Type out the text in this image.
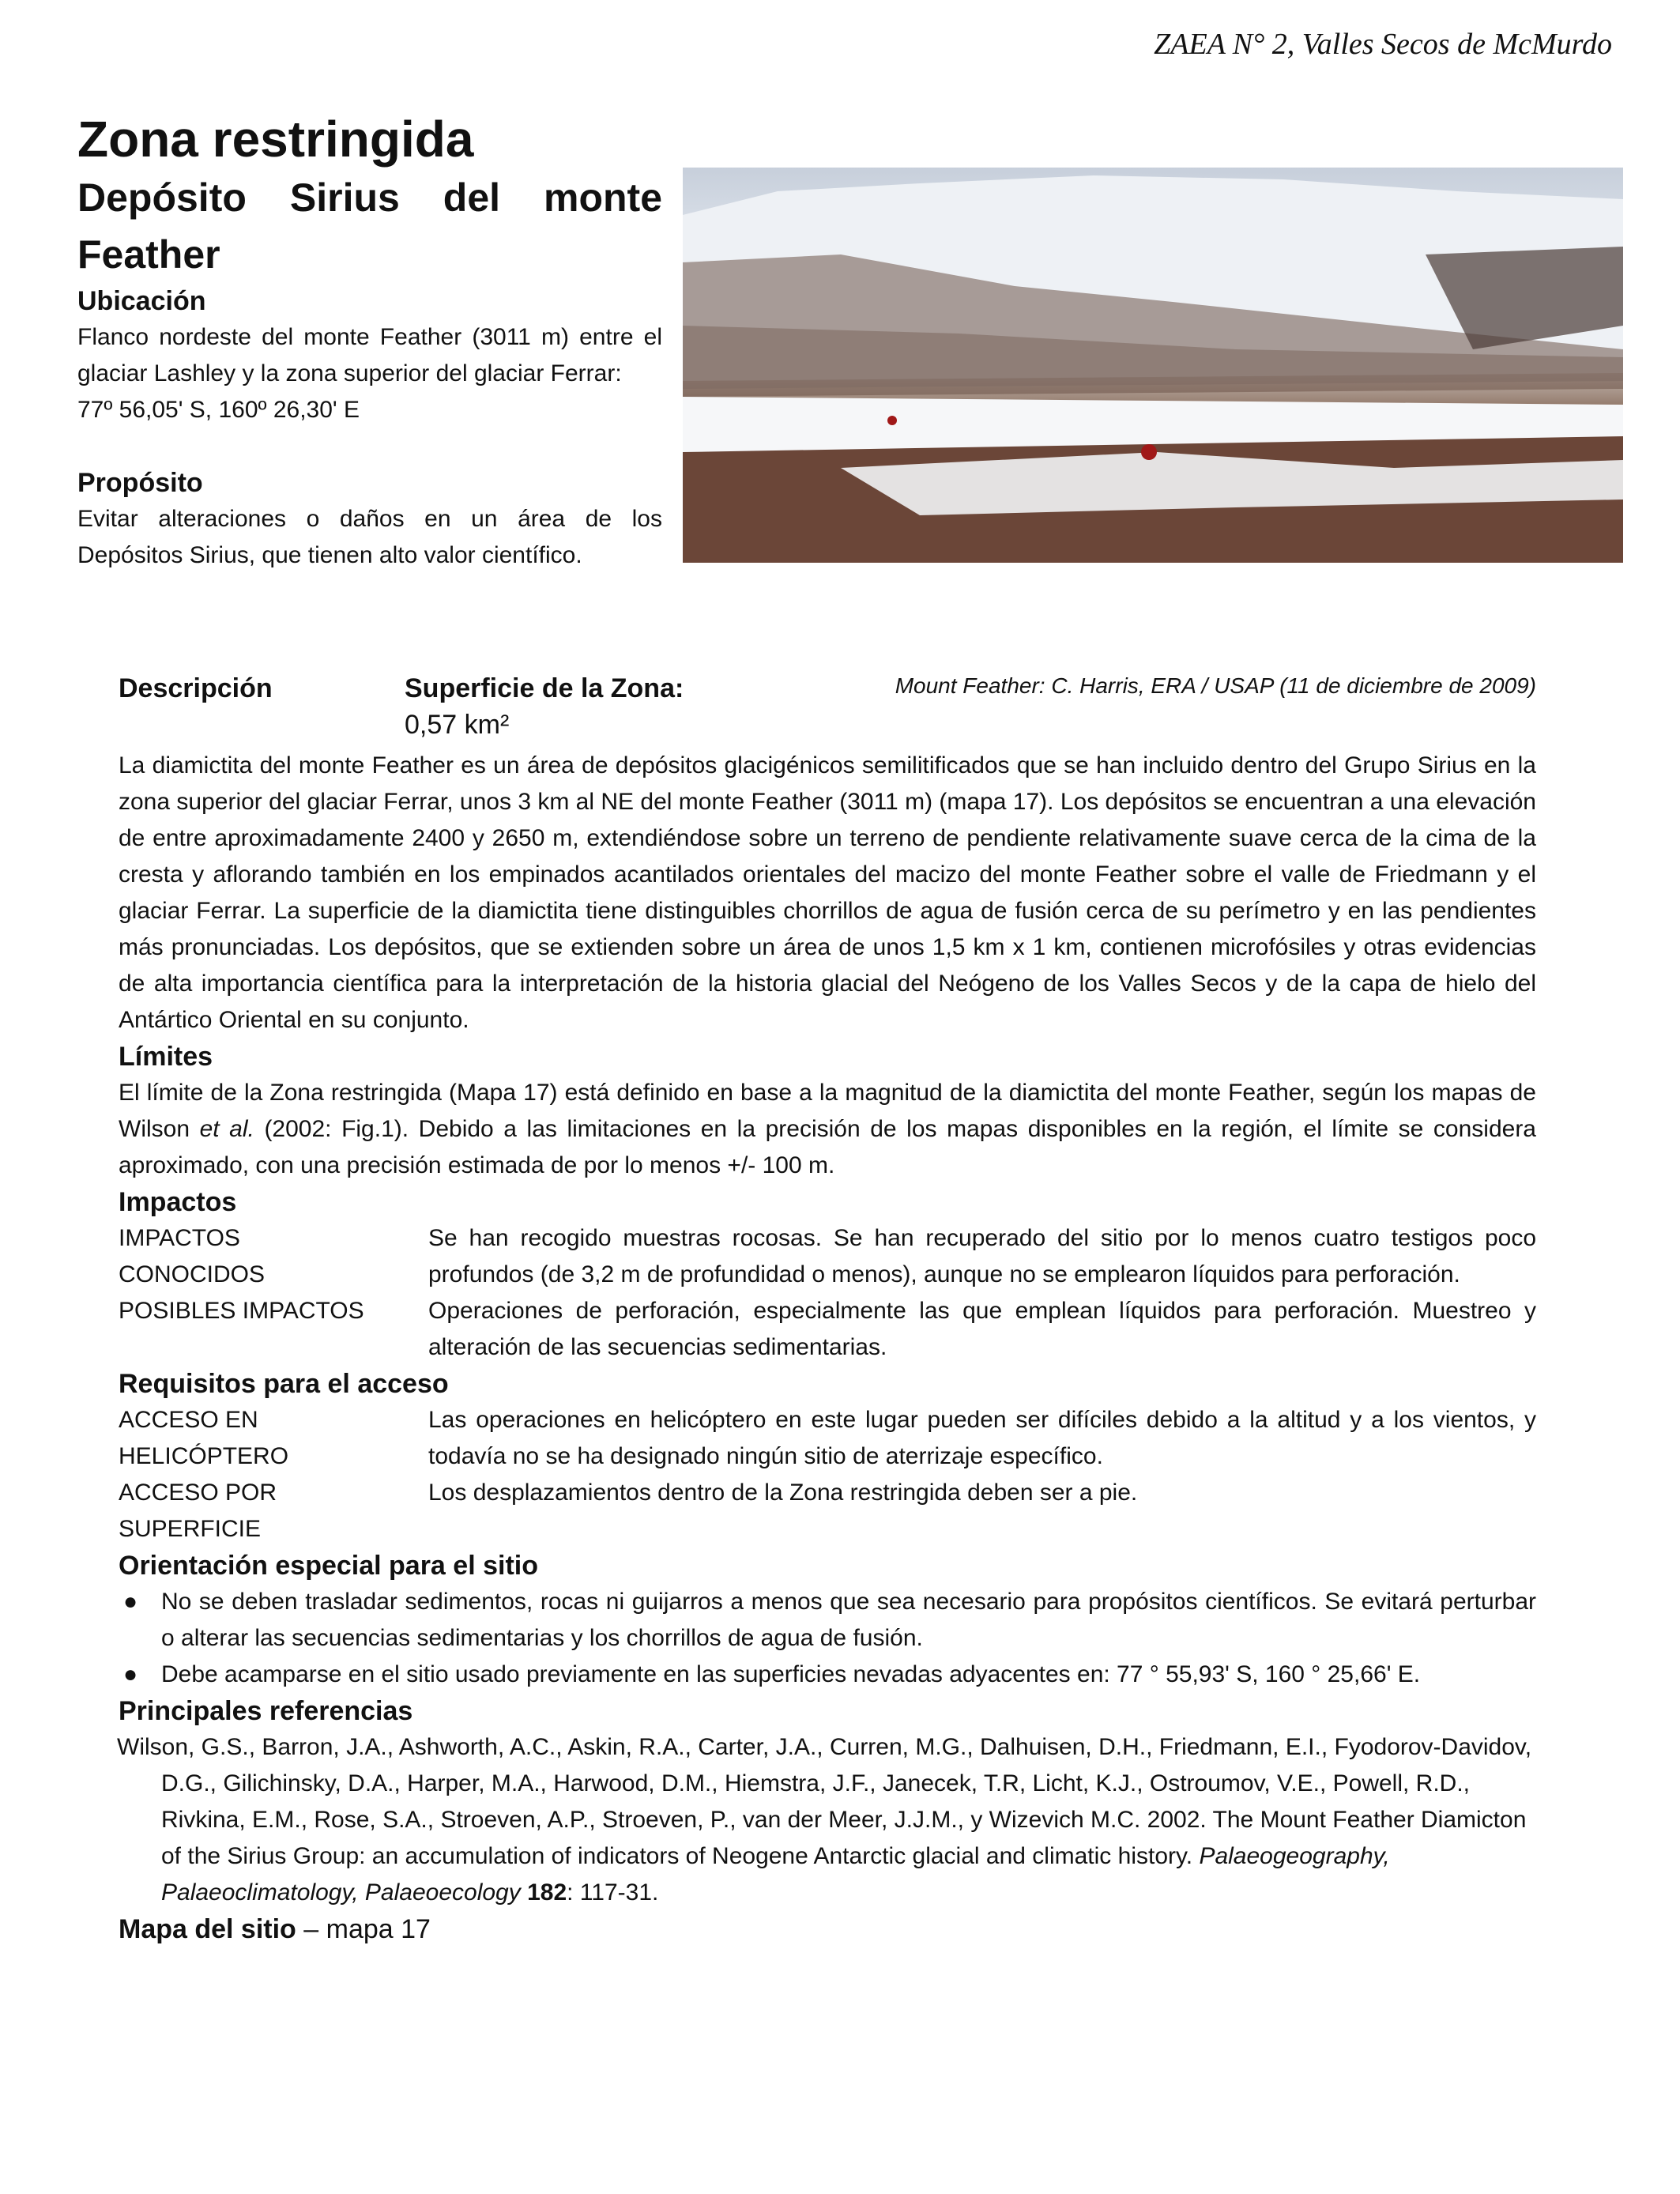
ZAEA N° 2, Valles Secos de McMurdo
Zona restringida
Depósito Sirius del monte Feather
Ubicación

Flanco nordeste del monte Feather (3011 m) entre el glaciar Lashley y la zona superior del glaciar Ferrar:

77º 56,05' S, 160º 26,30' E

Propósito

Evitar alteraciones o daños en un área de los Depósitos Sirius, que tienen alto valor científico.

Mount Feather: C. Harris, ERA / USAP (11 de diciembre de 2009)
Descripción	Superficie de la Zona:
0,57 km²

La diamictita del monte Feather es un área de depósitos glacigénicos semilitificados que se han incluido dentro del Grupo Sirius en la zona superior del glaciar Ferrar, unos 3 km al NE del monte Feather (3011 m) (mapa 17). Los depósitos se encuentran a una elevación de entre aproximadamente 2400 y 2650 m, extendiéndose sobre un terreno de pendiente relativamente suave cerca de la cima de la cresta y aflorando también en los empinados acantilados orientales del macizo del monte Feather sobre el valle de Friedmann y el glaciar Ferrar. La superficie de la diamictita tiene distinguibles chorrillos de agua de fusión cerca de su perímetro y en las pendientes más pronunciadas. Los depósitos, que se extienden sobre un área de unos 1,5 km x 1 km, contienen microfósiles y otras evidencias de alta importancia científica para la interpretación de la historia glacial del Neógeno de los Valles Secos y de la capa de hielo del Antártico Oriental en su conjunto.

Límites

El límite de la Zona restringida (Mapa 17) está definido en base a la magnitud de la diamictita del monte Feather, según los mapas de Wilson et al. (2002: Fig.1). Debido a las limitaciones en la precisión de los mapas disponibles en la región, el límite se considera aproximado, con una precisión estimada de por lo menos +/- 100 m.

Impactos
IMPACTOS CONOCIDOS
Se han recogido muestras rocosas. Se han recuperado del sitio por lo menos cuatro testigos poco profundos (de 3,2 m de profundidad o menos), aunque no se emplearon líquidos para perforación.
POSIBLES IMPACTOS	Operaciones de perforación, especialmente las que emplean líquidos para perforación. Muestreo y alteración de las secuencias sedimentarias.
Requisitos para el acceso
ACCESO EN HELICÓPTERO
Las operaciones en helicóptero en este lugar pueden ser difíciles debido a la altitud y a los vientos, y todavía no se ha designado ningún sitio de aterrizaje específico.
ACCESO POR SUPERFICIE
Los desplazamientos dentro de la Zona restringida deben ser a pie.
Orientación especial para el sitio
● No se deben trasladar sedimentos, rocas ni guijarros a menos que sea necesario para propósitos científicos. Se evitará perturbar o alterar las secuencias sedimentarias y los chorrillos de agua de fusión.
● Debe acamparse en el sitio usado previamente en las superficies nevadas adyacentes en: 77 ° 55,93' S, 160 ° 25,66' E.
Principales referencias

Wilson, G.S., Barron, J.A., Ashworth, A.C., Askin, R.A., Carter, J.A., Curren, M.G., Dalhuisen, D.H., Friedmann, E.I., Fyodorov-Davidov, D.G., Gilichinsky, D.A., Harper, M.A., Harwood, D.M., Hiemstra, J.F., Janecek, T.R, Licht, K.J., Ostroumov, V.E., Powell, R.D., Rivkina, E.M., Rose, S.A., Stroeven, A.P., Stroeven, P., van der Meer, J.J.M., y Wizevich M.C. 2002. The Mount Feather Diamicton of the Sirius Group: an accumulation of indicators of Neogene Antarctic glacial and climatic history. Palaeogeography, Palaeoclimatology, Palaeoecology 182: 117-31.

Mapa del sitio – mapa 17
